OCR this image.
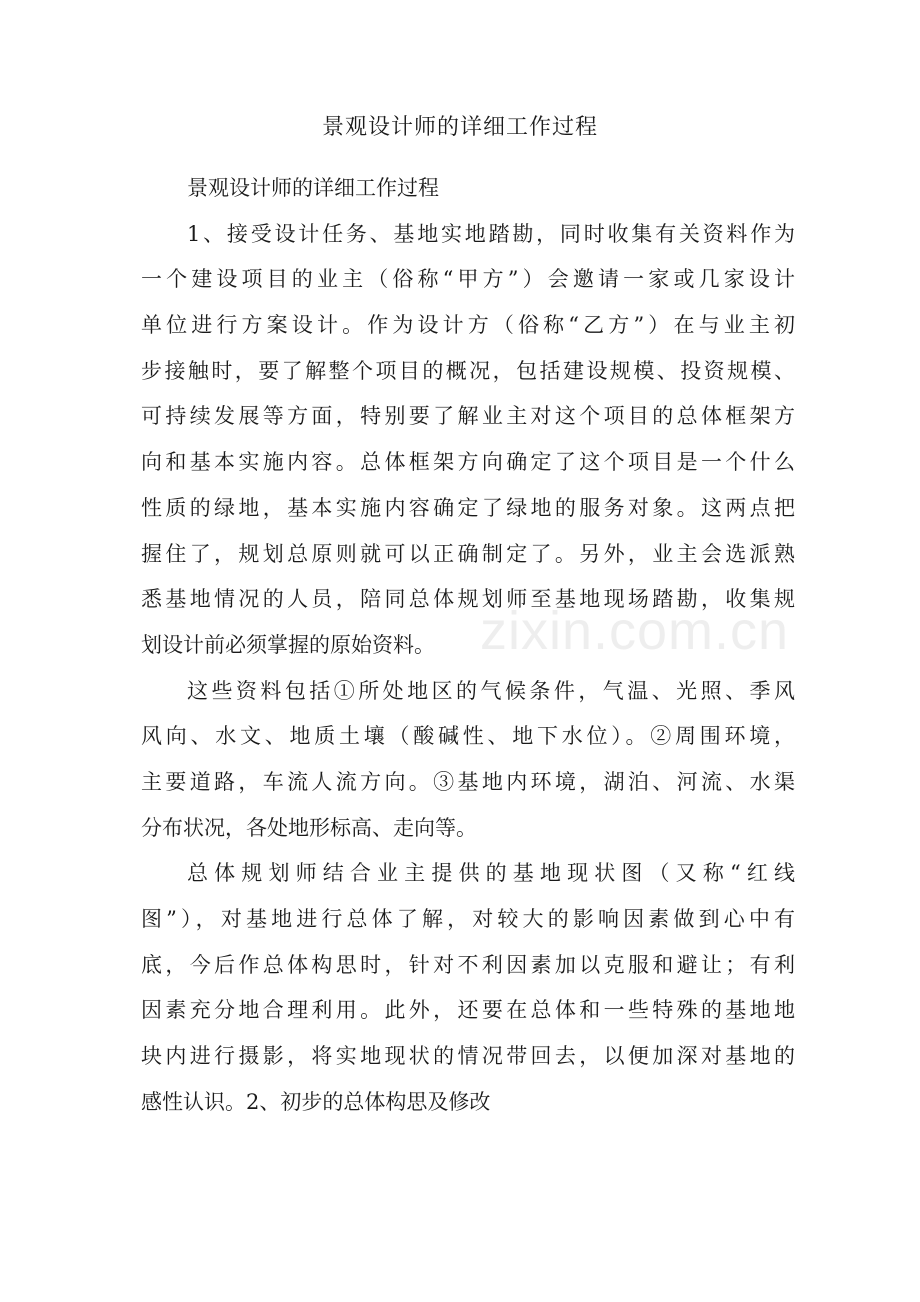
景观设计师的详细工作过程
景观设计师的详细工作过程
1、接受设计任务、基地实地踏勘，同时收集有关资料作为
一个建设项目的业主（俗称“甲方”）会邀请一家或几家设计
单位进行方案设计。作为设计方（俗称“乙方”）在与业主初
步接触时，要了解整个项目的概况，包括建设规模、投资规模、
可持续发展等方面，特别要了解业主对这个项目的总体框架方
向和基本实施内容。总体框架方向确定了这个项目是一个什么
性质的绿地，基本实施内容确定了绿地的服务对象。这两点把
握住了，规划总原则就可以正确制定了。另外，业主会选派熟
悉基地情况的人员，陪同总体规划师至基地现场踏勘，收集规
划设计前必须掌握的原始资料。
这些资料包括①所处地区的气候条件，气温、光照、季风
风向、水文、地质土壤（酸碱性、地下水位）。②周围环境，
主要道路，车流人流方向。③基地内环境，湖泊、河流、水渠
分布状况，各处地形标高、走向等。
总体规划师结合业主提供的基地现状图（又称“红线
图”），对基地进行总体了解，对较大的影响因素做到心中有
底，今后作总体构思时，针对不利因素加以克服和避让；有利
因素充分地合理利用。此外，还要在总体和一些特殊的基地地
块内进行摄影，将实地现状的情况带回去，以便加深对基地的
感性认识。2、初步的总体构思及修改
zixin.com.cn
